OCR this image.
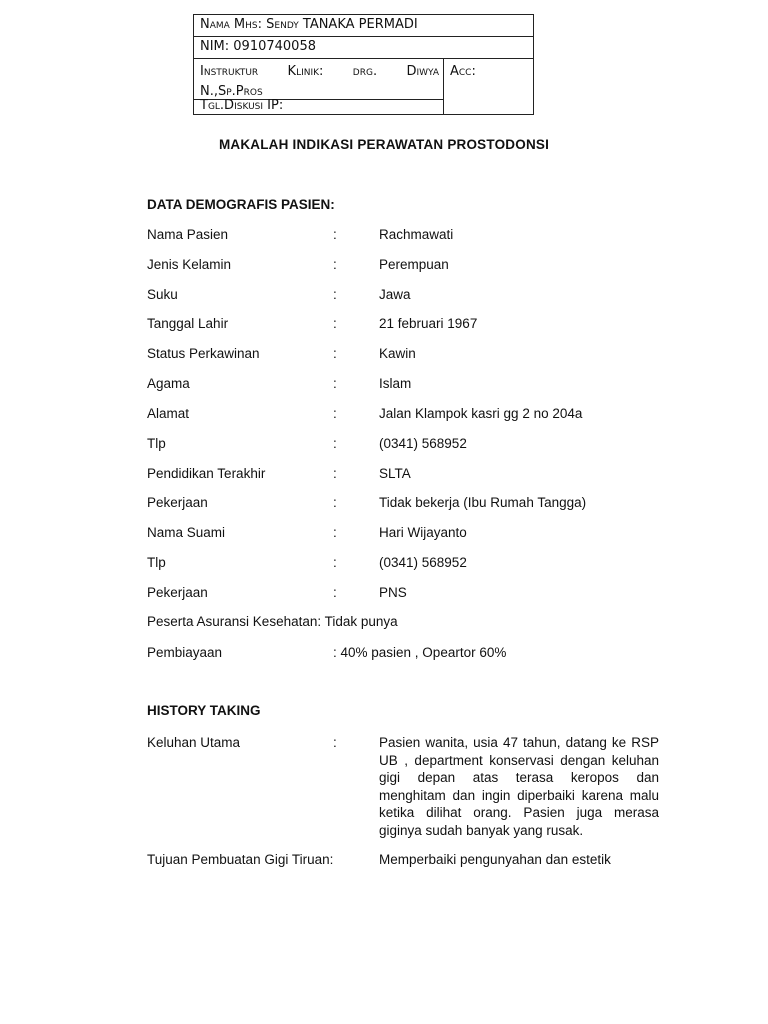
Nama Mhs: Sendy TANAKA PERMADI
NIM: 0910740058
Instruktur Klinik: drg. Diwya
N.,Sp.Pros
Tgl.Diskusi IP:
Acc:
MAKALAH INDIKASI PERAWATAN PROSTODONSI
DATA DEMOGRAFIS PASIEN:
Nama Pasien	:	Rachmawati
Jenis Kelamin	:	Perempuan
Suku	:	Jawa
Tanggal Lahir	:	21 februari 1967
Status Perkawinan	:	Kawin
Agama	:	Islam
Alamat	:	Jalan Klampok kasri gg 2 no 204a
Tlp	:	(0341) 568952
Pendidikan Terakhir	:	SLTA
Pekerjaan	:	Tidak bekerja (Ibu Rumah Tangga)
Nama Suami	:	Hari Wijayanto
Tlp	:	(0341) 568952
Pekerjaan	:	PNS
Peserta Asuransi Kesehatan: Tidak punya
Pembiayaan	: 40% pasien , Opeartor 60%
HISTORY TAKING
Keluhan Utama	:	Pasien wanita, usia 47 tahun, datang ke RSP UB , department konservasi dengan keluhan gigi depan atas terasa keropos dan menghitam dan ingin diperbaiki karena malu ketika dilihat orang. Pasien juga merasa giginya sudah banyak yang rusak.
Tujuan Pembuatan Gigi Tiruan:	Memperbaiki pengunyahan dan estetik
